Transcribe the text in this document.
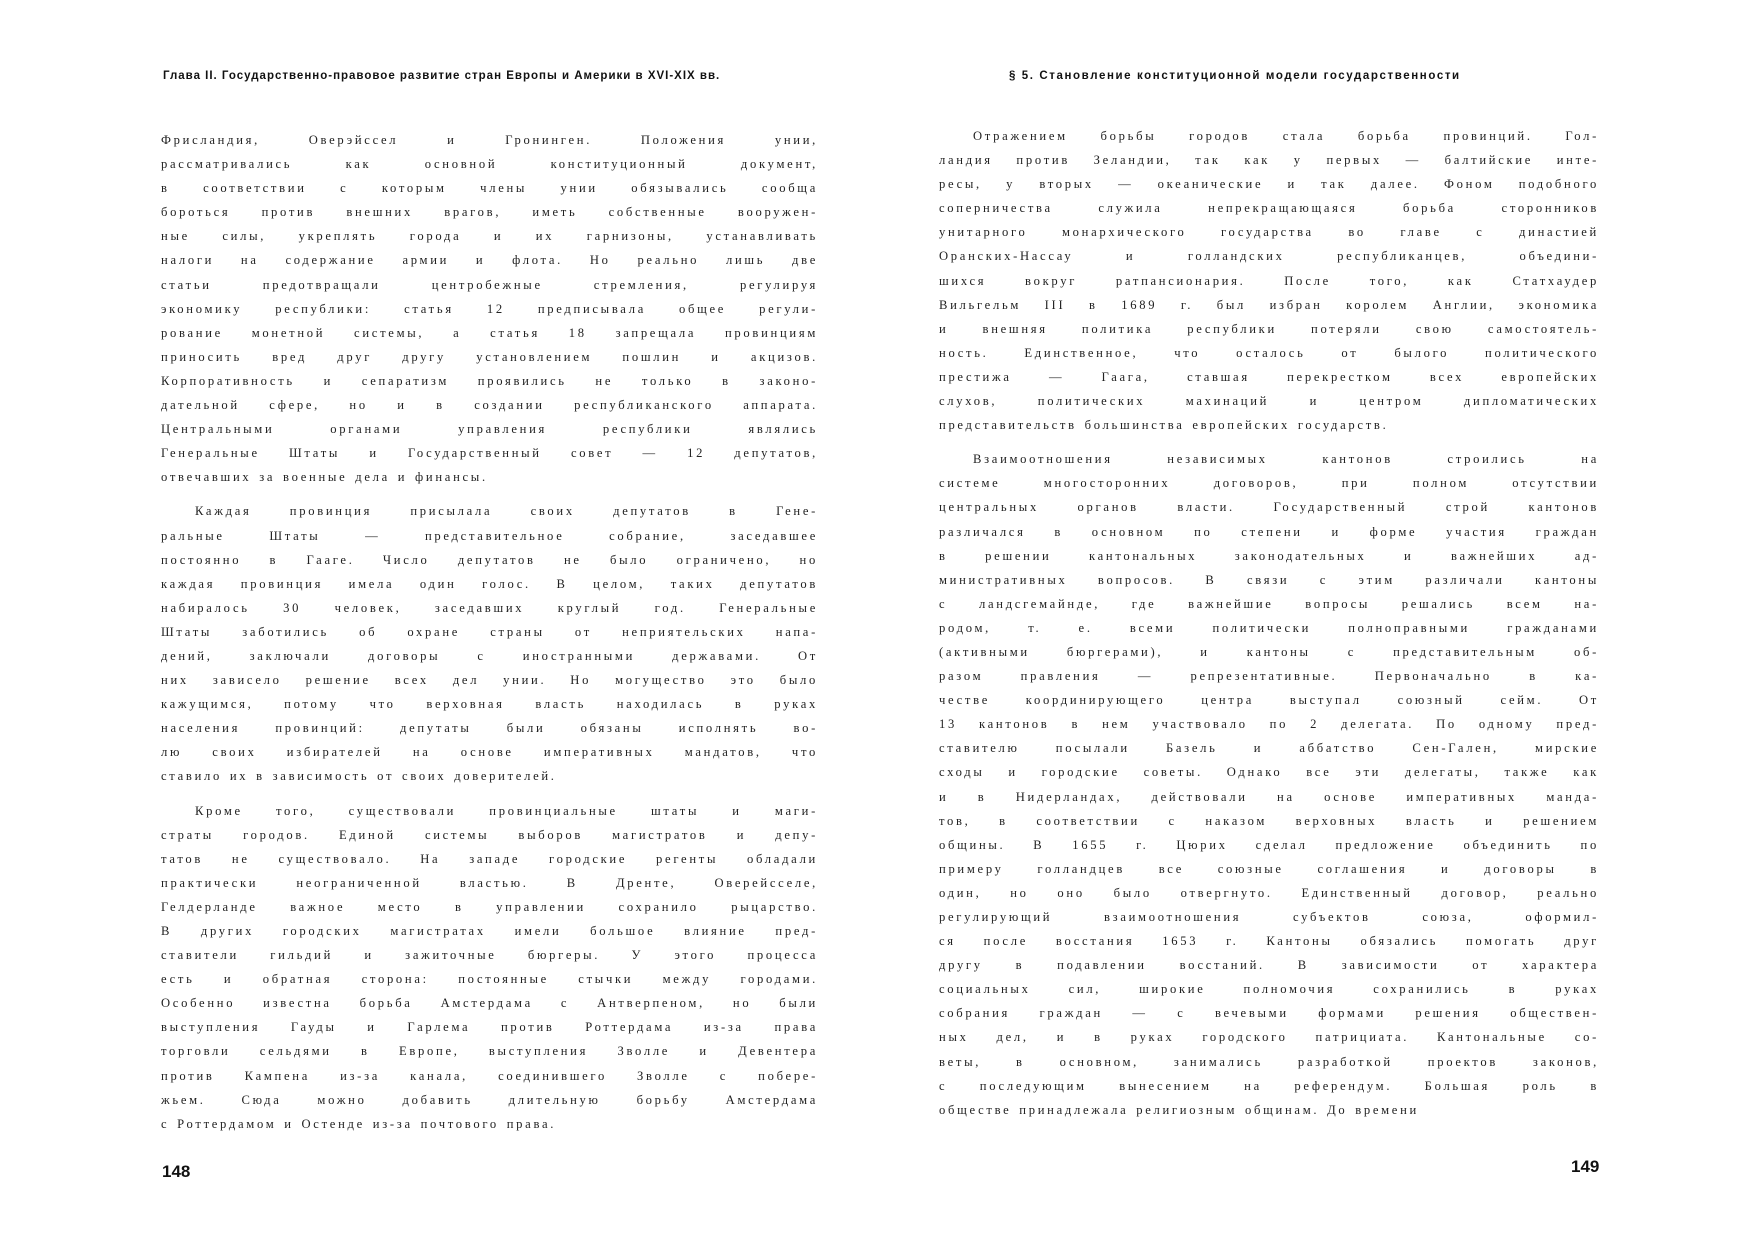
Глава II. Государственно-правовое развитие стран Европы и Америки в XVI-XIX вв.
Фрисландия, Оверэйссел и Гронинген. Положения унии,
рассматривались как основной конституционный документ,
в соответствии с которым члены унии обязывались сообща
бороться против внешних врагов, иметь собственные вооружен-
ные силы, укреплять города и их гарнизоны, устанавливать
налоги на содержание армии и флота. Но реально лишь две
статьи предотвращали центробежные стремления, регулируя
экономику республики: статья 12 предписывала общее регули-
рование монетной системы, а статья 18 запрещала провинциям
приносить вред друг другу установлением пошлин и акцизов.
Корпоративность и сепаратизм проявились не только в законо-
дательной сфере, но и в создании республиканского аппарата.
Центральными органами управления республики являлись
Генеральные Штаты и Государственный совет — 12 депутатов,
отвечавших за военные дела и финансы.
Каждая провинция присылала своих депутатов в Гене-
ральные Штаты — представительное собрание, заседавшее
постоянно в Гааге. Число депутатов не было ограничено, но
каждая провинция имела один голос. В целом, таких депутатов
набиралось 30 человек, заседавших круглый год. Генеральные
Штаты заботились об охране страны от неприятельских напа-
дений, заключали договоры с иностранными державами. От
них зависело решение всех дел унии. Но могущество это было
кажущимся, потому что верховная власть находилась в руках
населения провинций: депутаты были обязаны исполнять во-
лю своих избирателей на основе императивных мандатов, что
ставило их в зависимость от своих доверителей.
Кроме того, существовали провинциальные штаты и маги-
страты городов. Единой системы выборов магистратов и депу-
татов не существовало. На западе городские регенты обладали
практически неограниченной властью. В Дренте, Оверейсселе,
Гелдерланде важное место в управлении сохранило рыцарство.
В других городских магистратах имели большое влияние пред-
ставители гильдий и зажиточные бюргеры. У этого процесса
есть и обратная сторона: постоянные стычки между городами.
Особенно известна борьба Амстердама с Антверпеном, но были
выступления Гауды и Гарлема против Роттердама из-за права
торговли сельдями в Европе, выступления Зволле и Девентера
против Кампена из-за канала, соединившего Зволле с побере-
жьем. Сюда можно добавить длительную борьбу Амстердама
с Роттердамом и Остенде из-за почтового права.
148
§ 5. Становление конституционной модели государственности
Отражением борьбы городов стала борьба провинций. Гол-
ландия против Зеландии, так как у первых — балтийские инте-
ресы, у вторых — океанические и так далее. Фоном подобного
соперничества служила непрекращающаяся борьба сторонников
унитарного монархического государства во главе с династией
Оранских-Нассау и голландских республиканцев, объедини-
шихся вокруг ратпансионария. После того, как Статхаудер
Вильгельм III в 1689 г. был избран королем Англии, экономика
и внешняя политика республики потеряли свою самостоятель-
ность. Единственное, что осталось от былого политического
престижа — Гаага, ставшая перекрестком всех европейских
слухов, политических махинаций и центром дипломатических
представительств большинства европейских государств.
Взаимоотношения независимых кантонов строились на
системе многосторонних договоров, при полном отсутствии
центральных органов власти. Государственный строй кантонов
различался в основном по степени и форме участия граждан
в решении кантональных законодательных и важнейших ад-
министративных вопросов. В связи с этим различали кантоны
с ландсгемайнде, где важнейшие вопросы решались всем на-
родом, т. е. всеми политически полноправными гражданами
(активными бюргерами), и кантоны с представительным об-
разом правления — репрезентативные. Первоначально в ка-
честве координирующего центра выступал союзный сейм. От
13 кантонов в нем участвовало по 2 делегата. По одному пред-
ставителю посылали Базель и аббатство Сен-Гален, мирские
сходы и городские советы. Однако все эти делегаты, также как
и в Нидерландах, действовали на основе императивных манда-
тов, в соответствии с наказом верховных власть и решением
общины. В 1655 г. Цюрих сделал предложение объединить по
примеру голландцев все союзные соглашения и договоры в
один, но оно было отвергнуто. Единственный договор, реально
регулирующий взаимоотношения субъектов союза, оформил-
ся после восстания 1653 г. Кантоны обязались помогать друг
другу в подавлении восстаний. В зависимости от характера
социальных сил, широкие полномочия сохранились в руках
собрания граждан — с вечевыми формами решения обществен-
ных дел, и в руках городского патрициата. Кантональные со-
веты, в основном, занимались разработкой проектов законов,
с последующим вынесением на референдум. Большая роль в
обществе принадлежала религиозным общинам. До времени
149
